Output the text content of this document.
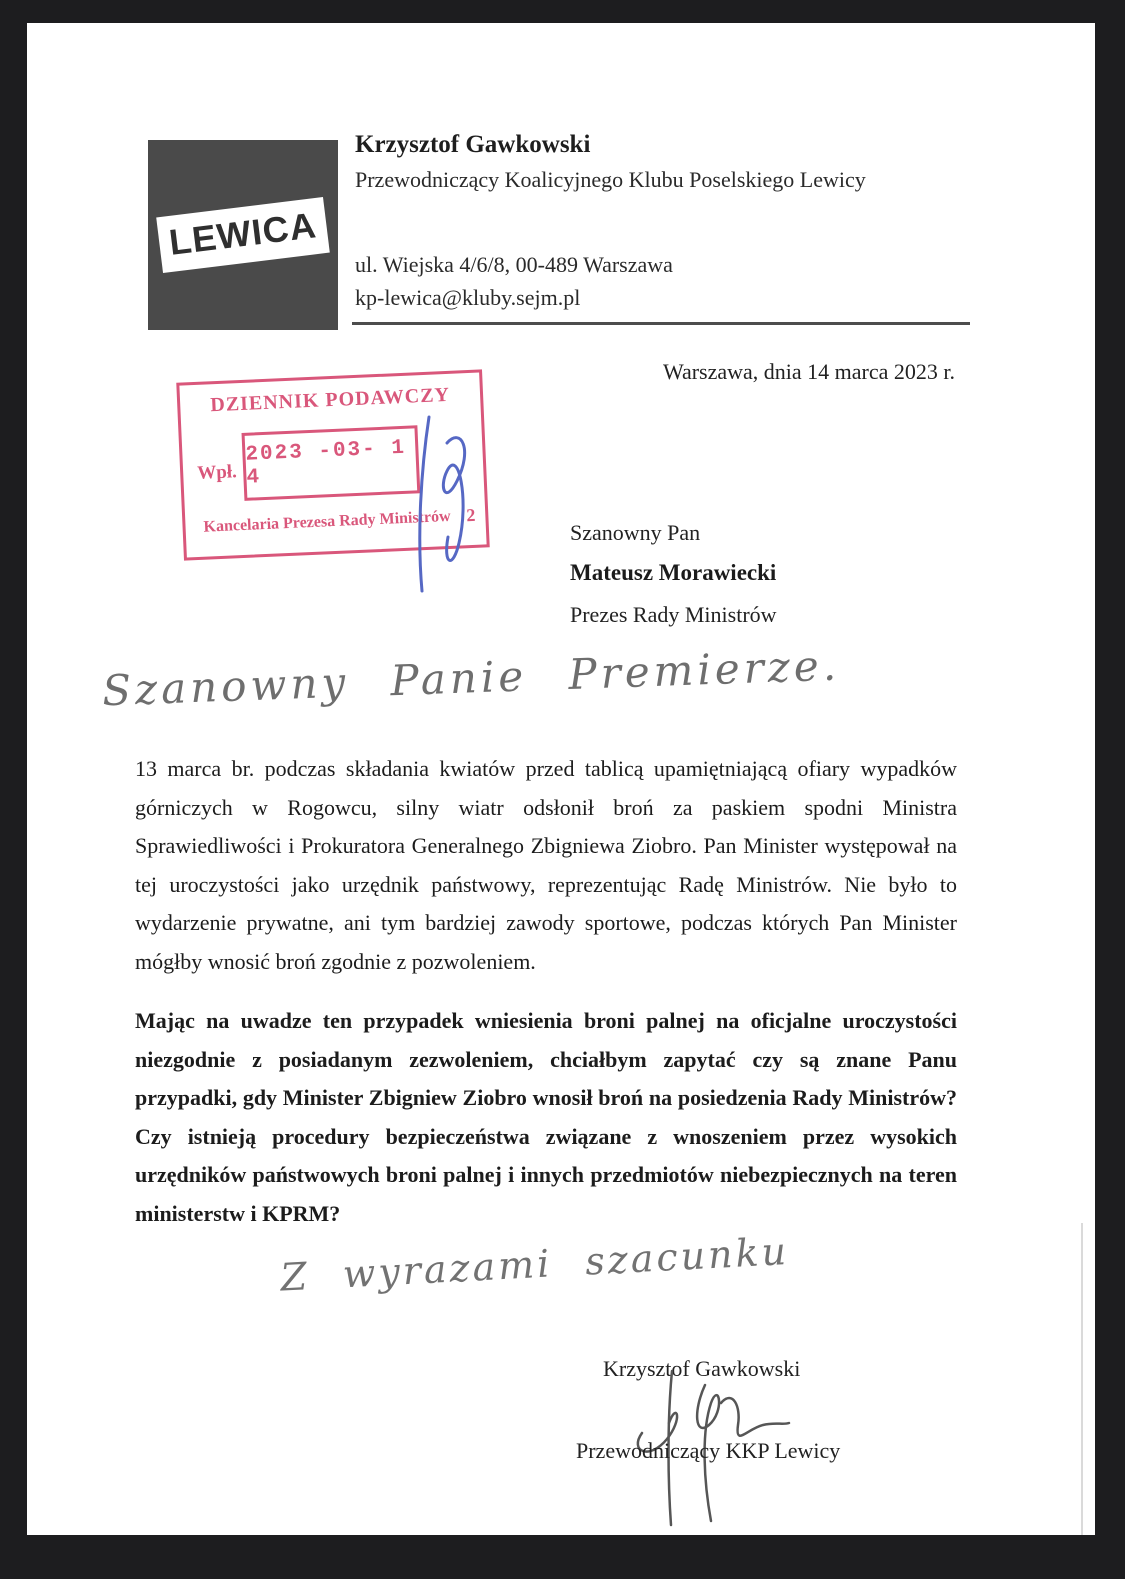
LEWICA
Krzysztof Gawkowski
Przewodniczący Koalicyjnego Klubu Poselskiego Lewicy
ul. Wiejska 4/6/8, 00-489 Warszawa
kp-lewica@kluby.sejm.pl
Warszawa, dnia 14 marca 2023 r.
DZIENNIK PODAWCZY
Wpł.
2023 -03- 1 4
Kancelaria Prezesa Rady Ministrów 2
Szanowny Pan
Mateusz Morawiecki
Prezes Rady Ministrów
Szanowny Panie Premierze.
13 marca br. podczas składania kwiatów przed tablicą upamiętniającą ofiary wypadków górniczych w Rogowcu, silny wiatr odsłonił broń za paskiem spodni Ministra Sprawiedliwości i Prokuratora Generalnego Zbigniewa Ziobro. Pan Minister występował na tej uroczystości jako urzędnik państwowy, reprezentując Radę Ministrów. Nie było to wydarzenie prywatne, ani tym bardziej zawody sportowe, podczas których Pan Minister mógłby wnosić broń zgodnie z pozwoleniem.
Mając na uwadze ten przypadek wniesienia broni palnej na oficjalne uroczystości niezgodnie z posiadanym zezwoleniem, chciałbym zapytać czy są znane Panu przypadki, gdy Minister Zbigniew Ziobro wnosił broń na posiedzenia Rady Ministrów? Czy istnieją procedury bezpieczeństwa związane z wnoszeniem przez wysokich urzędników państwowych broni palnej i innych przedmiotów niebezpiecznych na teren ministerstw i KPRM?
Z wyrazami szacunku
Krzysztof Gawkowski
Przewodniczący KKP Lewicy
